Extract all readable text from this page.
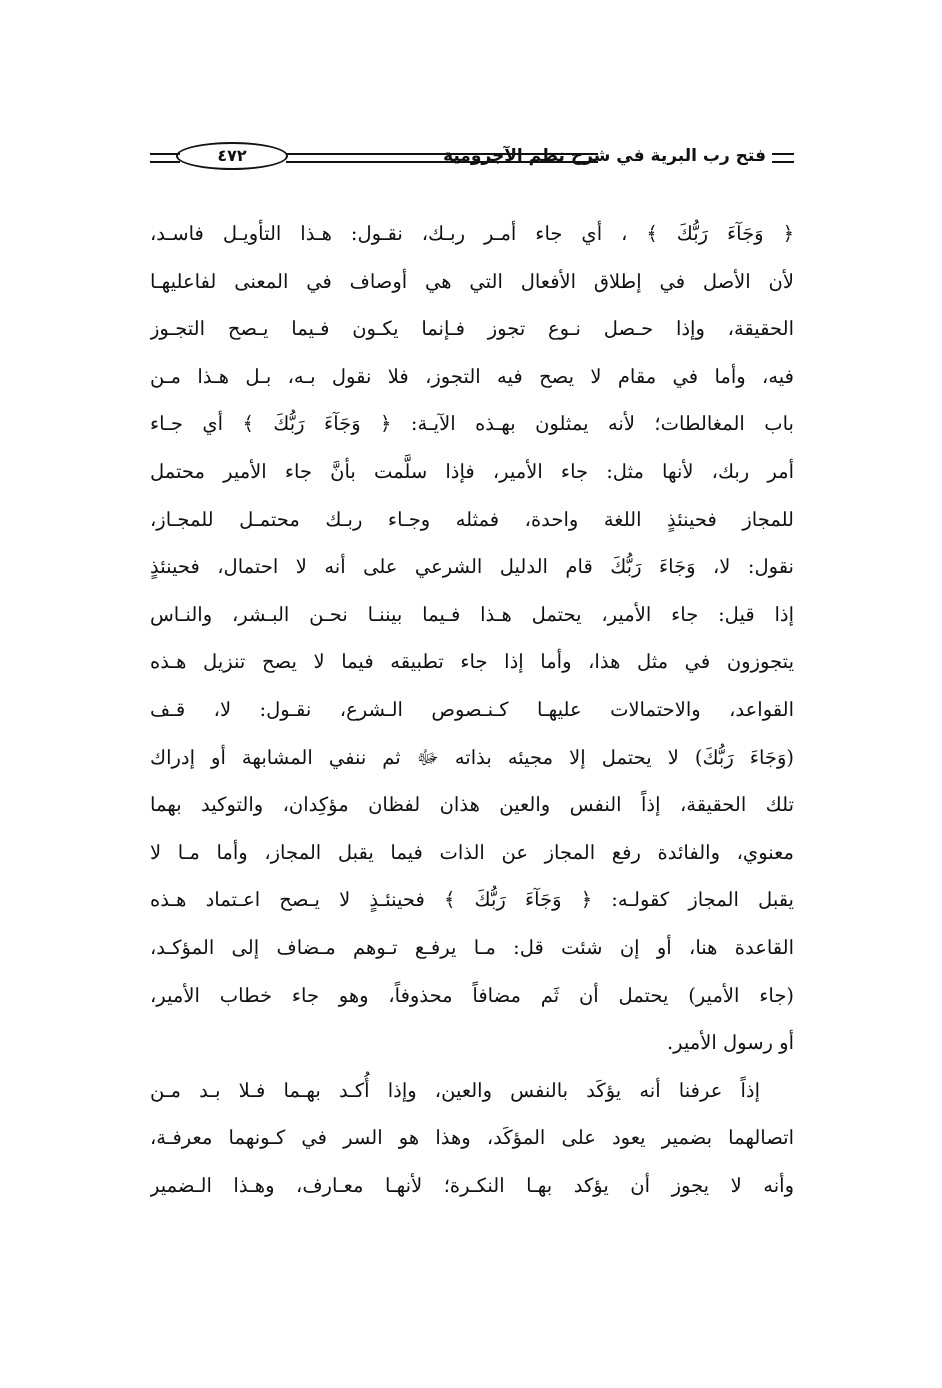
فتح رب البرية في شرح نظم الآجرومية
٤٧٢
﴿ وَجَآءَ رَبُّكَ ﴾ ، أي جاء أمـر ربـك، نقـول: هـذا التأويـل فاسـد،
لأن الأصل في إطلاق الأفعال التي هي أوصاف في المعنى لفاعليهـا
الحقيقة، وإذا حـصل نـوع تجوز فـإنما يكـون فـيما يـصح التجـوز
فيه، وأما في مقام لا يصح فيه التجوز، فلا نقول بـه، بـل هـذا مـن
باب المغالطات؛ لأنه يمثلون بهـذه الآيـة: ﴿ وَجَآءَ رَبُّكَ ﴾ أي جـاء
أمر ربك، لأنها مثل: جاء الأمير، فإذا سلَّمت بأنَّ جاء الأمير محتمل
للمجاز فحينئذٍ اللغة واحدة، فمثله وجـاء ربـك محتمـل للمجـاز،
نقول: لا، وَجَاءَ رَبُّكَ قام الدليل الشرعي على أنه لا احتمال، فحينئذٍ
إذا قيل: جاء الأمير، يحتمل هـذا فـيما بيننـا نحـن البـشر، والنـاس
يتجوزون في مثل هذا، وأما إذا جاء تطبيقه فيما لا يصح تنزيل هـذه
القواعد، والاحتمالات عليهـا كـنـصوص الـشرع، نقـول: لا، قـف
(وَجَاءَ رَبُّكَ) لا يحتمل إلا مجيئه بذاته ﷻ ثم ننفي المشابهة أو إدراك
تلك الحقيقة، إذاً النفس والعين هذان لفظان مؤكِدان، والتوكيد بهما
معنوي، والفائدة رفع المجاز عن الذات فيما يقبل المجاز، وأما مـا لا
يقبل المجاز كقولـه: ﴿ وَجَآءَ رَبُّكَ ﴾ فحينئـذٍ لا يـصح اعـتماد هـذه
القاعدة هنا، أو إن شئت قل: مـا يرفـع تـوهم مـضاف إلى المؤكـد،
(جاء الأمير) يحتمل أن ثَم مضافاً محذوفاً، وهو جاء خطاب الأمير،
أو رسول الأمير.
إذاً عرفنا أنه يؤكَد بالنفس والعين، وإذا أُكـد بهـما فـلا بـد مـن
اتصالهما بضمير يعود على المؤكَد، وهذا هو السر في كـونهما معرفـة،
وأنه لا يجوز أن يؤكد بهـا النكـرة؛ لأنهـا معـارف، وهـذا الـضمير
